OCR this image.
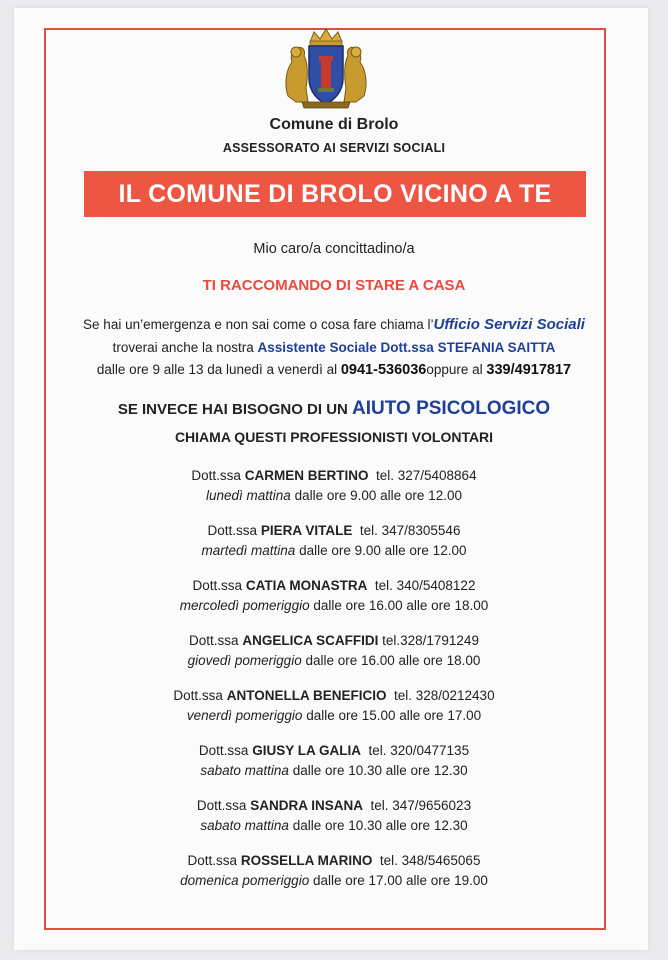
Comune di Brolo
ASSESSORATO AI SERVIZI SOCIALI
IL COMUNE DI BROLO VICINO A TE
Mio caro/a concittadino/a
TI RACCOMANDO DI STARE A CASA
Se hai un’emergenza e non sai come o cosa fare chiama l’Ufficio Servizi Sociali
troverai anche la nostra Assistente Sociale Dott.ssa STEFANIA SAITTA
dalle ore 9 alle 13 da lunedì a venerdì al 0941-536036oppure al 339/4917817
SE INVECE HAI BISOGNO DI UN AIUTO PSICOLOGICO
CHIAMA QUESTI PROFESSIONISTI VOLONTARI
Dott.ssa CARMEN BERTINO tel. 327/5408864
lunedì mattina dalle ore 9.00 alle ore 12.00
Dott.ssa PIERA VITALE tel. 347/8305546
martedì mattina dalle ore 9.00 alle ore 12.00
Dott.ssa CATIA MONASTRA tel. 340/5408122
mercoledì pomeriggio dalle ore 16.00 alle ore 18.00
Dott.ssa ANGELICA SCAFFIDI tel.328/1791249
giovedì pomeriggio dalle ore 16.00 alle ore 18.00
Dott.ssa ANTONELLA BENEFICIO tel. 328/0212430
venerdì pomeriggio dalle ore 15.00 alle ore 17.00
Dott.ssa GIUSY LA GALIA tel. 320/0477135
sabato mattina dalle ore 10.30 alle ore 12.30
Dott.ssa SANDRA INSANA tel. 347/9656023
sabato mattina dalle ore 10.30 alle ore 12.30
Dott.ssa ROSSELLA MARINO tel. 348/5465065
domenica pomeriggio dalle ore 17.00 alle ore 19.00
